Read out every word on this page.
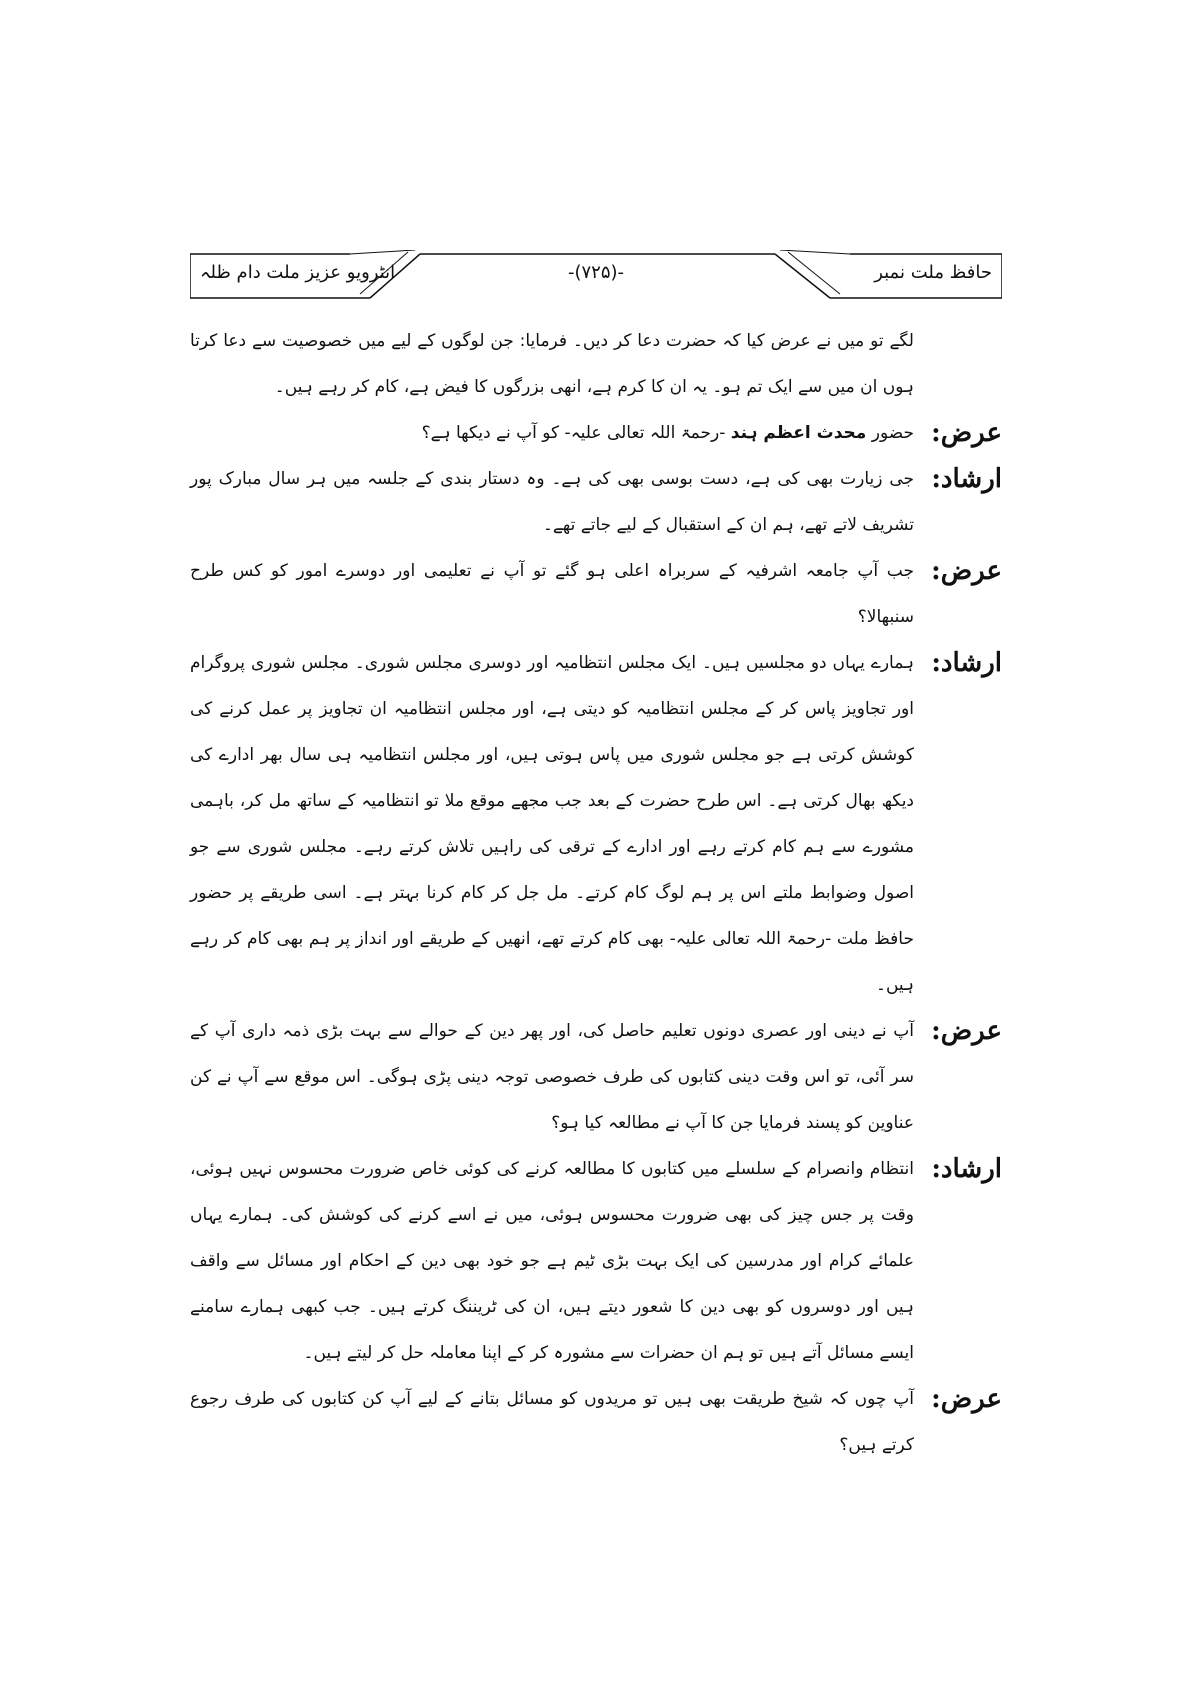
حافظ ملت نمبر
-(۷۲۵)-
انٹرویو عزیز ملت دام ظلہ
لگے تو میں نے عرض کیا کہ حضرت دعا کر دیں۔ فرمایا: جن لوگوں کے لیے میں خصوصیت سے دعا کرتا ہوں ان میں سے ایک تم ہو۔ یہ ان کا کرم ہے، انھی بزرگوں کا فیض ہے، کام کر رہے ہیں۔
عرض:
حضور محدث اعظم ہند -رحمۃ اللہ تعالی علیہ- کو آپ نے دیکھا ہے؟
ارشاد:
جی زیارت بھی کی ہے، دست بوسی بھی کی ہے۔ وہ دستار بندی کے جلسہ میں ہر سال مبارک پور تشریف لاتے تھے، ہم ان کے استقبال کے لیے جاتے تھے۔
عرض:
جب آپ جامعہ اشرفیہ کے سربراہ اعلی ہو گئے تو آپ نے تعلیمی اور دوسرے امور کو کس طرح سنبھالا؟
ارشاد:
ہمارے یہاں دو مجلسیں ہیں۔ ایک مجلس انتظامیہ اور دوسری مجلس شوری۔ مجلس شوری پروگرام اور تجاویز پاس کر کے مجلس انتظامیہ کو دیتی ہے، اور مجلس انتظامیہ ان تجاویز پر عمل کرنے کی کوشش کرتی ہے جو مجلس شوری میں پاس ہوتی ہیں، اور مجلس انتظامیہ ہی سال بھر ادارے کی دیکھ بھال کرتی ہے۔ اس طرح حضرت کے بعد جب مجھے موقع ملا تو انتظامیہ کے ساتھ مل کر، باہمی مشورے سے ہم کام کرتے رہے اور ادارے کے ترقی کی راہیں تلاش کرتے رہے۔ مجلس شوری سے جو اصول وضوابط ملتے اس پر ہم لوگ کام کرتے۔ مل جل کر کام کرنا بہتر ہے۔ اسی طریقے پر حضور حافظ ملت -رحمۃ اللہ تعالی علیہ- بھی کام کرتے تھے، انھیں کے طریقے اور انداز پر ہم بھی کام کر رہے ہیں۔
عرض:
آپ نے دینی اور عصری دونوں تعلیم حاصل کی، اور پھر دین کے حوالے سے بہت بڑی ذمہ داری آپ کے سر آئی، تو اس وقت دینی کتابوں کی طرف خصوصی توجہ دینی پڑی ہوگی۔ اس موقع سے آپ نے کن عناوین کو پسند فرمایا جن کا آپ نے مطالعہ کیا ہو؟
ارشاد:
انتظام وانصرام کے سلسلے میں کتابوں کا مطالعہ کرنے کی کوئی خاص ضرورت محسوس نہیں ہوئی، وقت پر جس چیز کی بھی ضرورت محسوس ہوئی، میں نے اسے کرنے کی کوشش کی۔ ہمارے یہاں علمائے کرام اور مدرسین کی ایک بہت بڑی ٹیم ہے جو خود بھی دین کے احکام اور مسائل سے واقف ہیں اور دوسروں کو بھی دین کا شعور دیتے ہیں، ان کی ٹریننگ کرتے ہیں۔ جب کبھی ہمارے سامنے ایسے مسائل آتے ہیں تو ہم ان حضرات سے مشورہ کر کے اپنا معاملہ حل کر لیتے ہیں۔
عرض:
آپ چوں کہ شیخ طریقت بھی ہیں تو مریدوں کو مسائل بتانے کے لیے آپ کن کتابوں کی طرف رجوع کرتے ہیں؟
